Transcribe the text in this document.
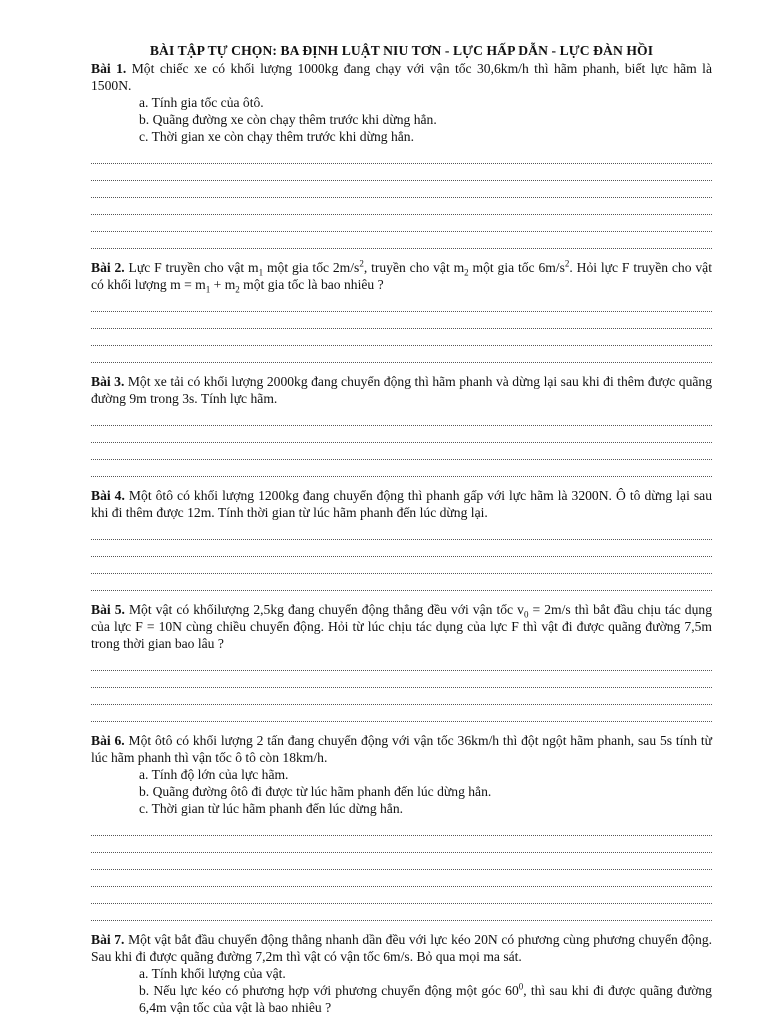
BÀI TẬP TỰ CHỌN: BA ĐỊNH LUẬT NIU TƠN - LỰC HẤP DẪN - LỰC ĐÀN HỒI

Bài 1. Một chiếc xe có khối lượng 1000kg đang chạy với vận tốc 30,6km/h thì hãm phanh, biết lực hãm là 1500N.

a. Tính gia tốc của ôtô.
b. Quãng đường xe còn chạy thêm trước khi dừng hẳn.
c. Thời gian xe còn chạy thêm trước khi dừng hẳn.

Bài 2. Lực F truyền cho vật $m_1$ một gia tốc $2m/s^2$, truyền cho vật $m_2$ một gia tốc $6m/s^2$. Hỏi lực F truyền cho vật có khối lượng $m = m_1 + m_2$ một gia tốc là bao nhiêu ?

Bài 3. Một xe tải có khối lượng 2000kg đang chuyển động thì hãm phanh và dừng lại sau khi đi thêm được quãng đường 9m trong 3s. Tính lực hãm.

Bài 4. Một ôtô có khối lượng 1200kg đang chuyển động thì phanh gấp với lực hãm là 3200N. Ô tô dừng lại sau khi đi thêm được 12m. Tính thời gian từ lúc hãm phanh đến lúc dừng lại.

Bài 5. Một vật có khốilượng 2,5kg đang chuyển động thẳng đều với vận tốc $v_0 = 2m/s$ thì bắt đầu chịu tác dụng của lực F = 10N cùng chiều chuyển động. Hỏi từ lúc chịu tác dụng của lực F thì vật đi được quãng đường 7,5m trong thời gian bao lâu ?

Bài 6. Một ôtô có khối lượng 2 tấn đang chuyển động với vận tốc 36km/h thì đột ngột hãm phanh, sau 5s tính từ lúc hãm phanh thì vận tốc ô tô còn 18km/h.

a. Tính độ lớn của lực hãm.
b. Quãng đường ôtô đi được từ lúc hãm phanh đến lúc dừng hẳn.
c. Thời gian từ lúc hãm phanh đến lúc dừng hẳn.

Bài 7. Một vật bắt đầu chuyển động thẳng nhanh dần đều với lực kéo 20N có phương cùng phương chuyển động. Sau khi đi được quãng đường 7,2m thì vật có vận tốc 6m/s. Bỏ qua mọi ma sát.

a. Tính khối lượng của vật.
b. Nếu lực kéo có phương hợp với phương chuyển động một góc $60^0$, thì sau khi đi được quãng đường 6,4m vận tốc của vật là bao nhiêu ?
